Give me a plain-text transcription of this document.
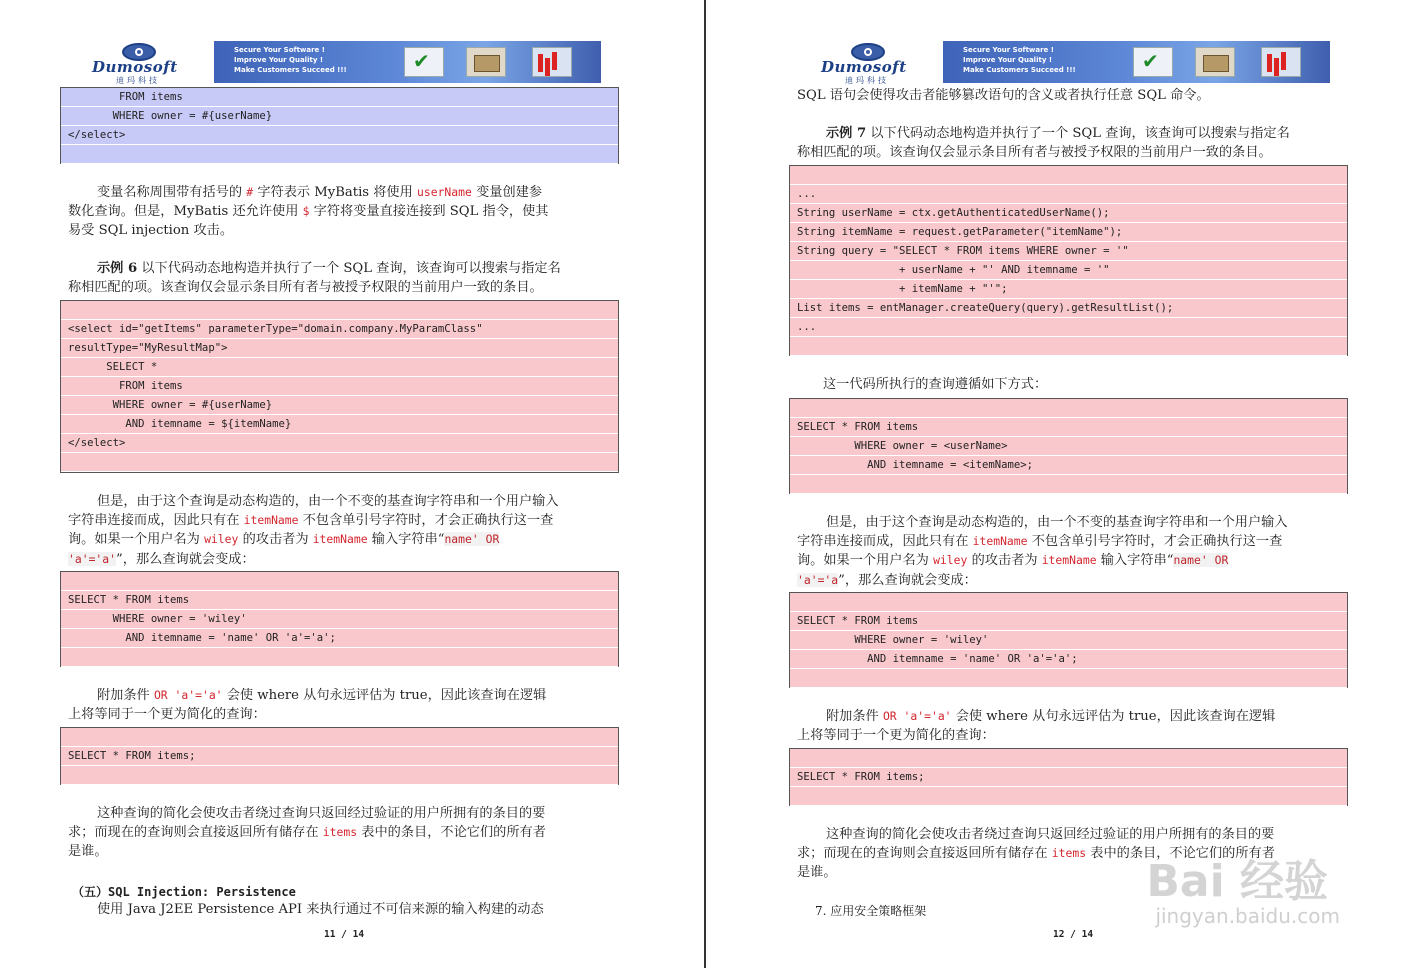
Dumosoft
迪玛科技
Secure Your Software !
Improve Your Quality !
Make Customers Succeed !!!
✔
FROM items
WHERE owner = #{userName}
</select>

变量名称周围带有括号的 # 字符表示 MyBatis 将使用 userName 变量创建参
数化查询。但是，MyBatis 还允许使用 $ 字符将变量直接连接到 SQL 指令，使其
易受 SQL injection 攻击。

示例 6 以下代码动态地构造并执行了一个 SQL 查询，该查询可以搜索与指定名
称相匹配的项。该查询仅会显示条目所有者与被授予权限的当前用户一致的条目。

<select id="getItems" parameterType="domain.company.MyParamClass"
resultType="MyResultMap">
SELECT *
FROM items
WHERE owner = #{userName}
AND itemname = ${itemName}
</select>

但是，由于这个查询是动态构造的，由一个不变的基查询字符串和一个用户输入
字符串连接而成，因此只有在 itemName 不包含单引号字符时，才会正确执行这一查
询。如果一个用户名为 wiley 的攻击者为 itemName 输入字符串“name' OR
'a'='a'”，那么查询就会变成：

SELECT * FROM items
WHERE owner = 'wiley'
AND itemname = 'name' OR 'a'='a';

附加条件 OR 'a'='a' 会使 where 从句永远评估为 true，因此该查询在逻辑
上将等同于一个更为简化的查询：

SELECT * FROM items;

这种查询的简化会使攻击者绕过查询只返回经过验证的用户所拥有的条目的要
求；而现在的查询则会直接返回所有储存在 items 表中的条目，不论它们的所有者
是谁。

（五）SQL Injection: Persistence

使用 Java J2EE Persistence API 来执行通过不可信来源的输入构建的动态

11 / 14
Dumosoft
迪玛科技
Secure Your Software !
Improve Your Quality !
Make Customers Succeed !!!
✔

SQL 语句会使得攻击者能够篡改语句的含义或者执行任意 SQL 命令。

示例 7 以下代码动态地构造并执行了一个 SQL 查询，该查询可以搜索与指定名
称相匹配的项。该查询仅会显示条目所有者与被授予权限的当前用户一致的条目。

...
String userName = ctx.getAuthenticatedUserName();
String itemName = request.getParameter("itemName");
String query = "SELECT * FROM items WHERE owner = '"
+ userName + "' AND itemname = '"
+ itemName + "'";
List items = entManager.createQuery(query).getResultList();
...

这一代码所执行的查询遵循如下方式：

SELECT * FROM items
WHERE owner = <userName>
AND itemname = <itemName>;

但是，由于这个查询是动态构造的，由一个不变的基查询字符串和一个用户输入
字符串连接而成，因此只有在 itemName 不包含单引号字符时，才会正确执行这一查
询。如果一个用户名为 wiley 的攻击者为 itemName 输入字符串“name' OR
'a'='a”，那么查询就会变成：

SELECT * FROM items
WHERE owner = 'wiley'
AND itemname = 'name' OR 'a'='a';

附加条件 OR 'a'='a' 会使 where 从句永远评估为 true，因此该查询在逻辑
上将等同于一个更为简化的查询：

SELECT * FROM items;

这种查询的简化会使攻击者绕过查询只返回经过验证的用户所拥有的条目的要
求；而现在的查询则会直接返回所有储存在 items 表中的条目，不论它们的所有者
是谁。

7. 应用安全策略框架
12 / 14
Bai 经验
jingyan.baidu.com
